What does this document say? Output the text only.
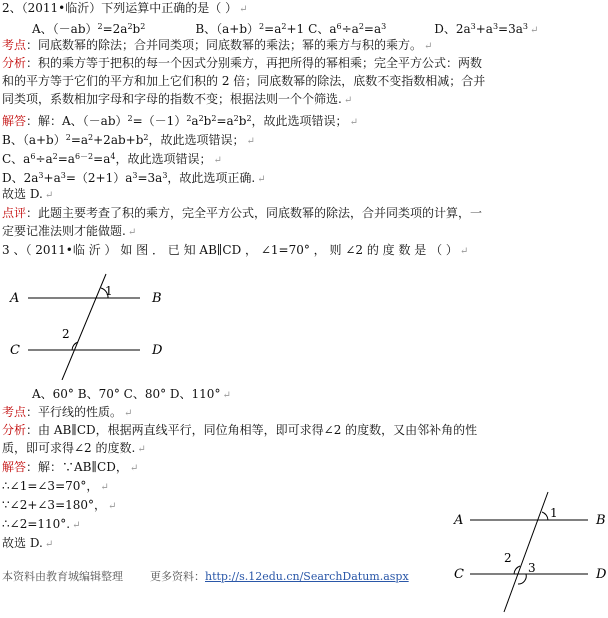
2、（2011•临沂）下列运算中正确的是（ ） ↵
A、$(-ab)^2=2a^2b^2$	B、$(a+b)^2=a^2+1$ C、$a^6\div a^2=a^3$	D、$2a^3+a^3=3a^3$ ↵
考点：同底数幂的除法；合并同类项；同底数幂的乘法；幂的乘方与积的乘方。 ↵
分析：积的乘方等于把积的每一个因式分别乘方，再把所得的幂相乘；完全平方公式：两数
和的平方等于它们的平方和加上它们积的 2 倍；同底数幂的除法，底数不变指数相减；合并
同类项，系数相加字母和字母的指数不变；根据法则一个个筛选. ↵
解答：解：A、$(-ab)^2=(-1)^2a^2b^2=a^2b^2$，故此选项错误； ↵
B、$(a+b)^2=a^2+2ab+b^2$，故此选项错误； ↵
C、$a^6\div a^2=a^{6-2}=a^4$，故此选项错误； ↵
D、$2a^3+a^3=(2+1)a^3=3a^3$，故此选项正确. ↵
故选 D. ↵
点评：此题主要考查了积的乘方，完全平方公式，同底数幂的除法，合并同类项的计算，一
定要记准法则才能做题. ↵
3 、（ 2011•临 沂 ） 如 图 ． 已 知 AB∥CD ， ∠1=70° ， 则 ∠2 的 度 数 是 （ ） ↵
A	B
C	D
1
2
A、60° B、70° C、80° D、110° ↵
考点：平行线的性质。 ↵
分析：由 AB∥CD，根据两直线平行，同位角相等，即可求得∠2 的度数，又由邻补角的性
质，即可求得∠2 的度数. ↵
解答：解：∵AB∥CD， ↵
∴∠1=∠3=70°， ↵
∵∠2+∠3=180°， ↵
∴∠2=110°. ↵
故选 D. ↵
A	B
C	D
1
2
3
本资料由教育城编辑整理 更多资料：http://s.12edu.cn/SearchDatum.aspx
